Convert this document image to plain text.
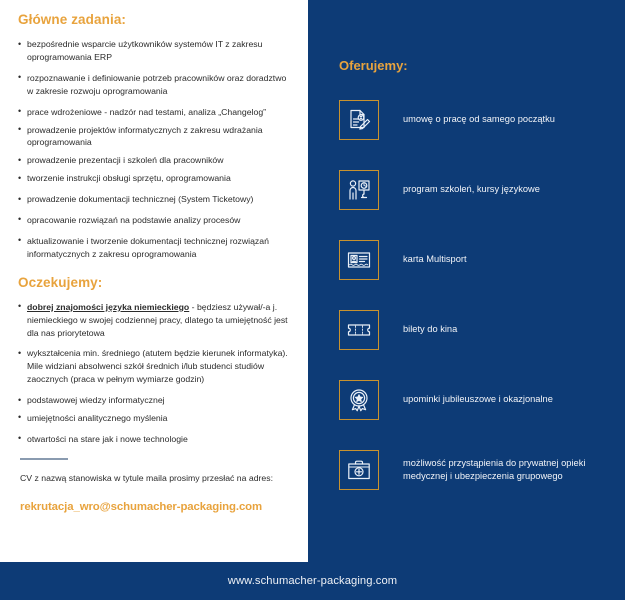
Główne zadania:
• bezpośrednie wsparcie użytkowników systemów IT z zakresu oprogramowania ERP
• rozpoznawanie i definiowanie potrzeb pracowników oraz doradztwo w zakresie rozwoju oprogramowania
• prace wdrożeniowe - nadzór nad testami, analiza „Changelog”
• prowadzenie projektów informatycznych z zakresu wdrażania oprogramowania
• prowadzenie prezentacji i szkoleń dla pracowników
• tworzenie instrukcji obsługi sprzętu, oprogramowania
• prowadzenie dokumentacji technicznej (System Ticketowy)
• opracowanie rozwiązań na podstawie analizy procesów
• aktualizowanie i tworzenie dokumentacji technicznej rozwiązań informatycznych z zakresu oprogramowania
Oczekujemy:
• dobrej znajomości języka niemieckiego - będziesz używał/-a j. niemieckiego w swojej codziennej pracy, dlatego ta umiejętność jest dla nas priorytetowa
• wykształcenia min. średniego (atutem będzie kierunek informatyka). Mile widziani absolwenci szkół średnich i/lub studenci studiów zaocznych (praca w pełnym wymiarze godzin)
• podstawowej wiedzy informatycznej
• umiejętności analitycznego myślenia
• otwartości na stare jak i nowe technologie
CV z nazwą stanowiska w tytule maila prosimy przesłać na adres:
rekrutacja_wro@schumacher-packaging.com
Oferujemy:
umowę o pracę od samego początku
program szkoleń, kursy językowe
karta Multisport
bilety do kina
upominki jubileuszowe i okazjonalne
możliwość przystąpienia do prywatnej opieki medycznej i ubezpieczenia grupowego
www.schumacher-packaging.com
